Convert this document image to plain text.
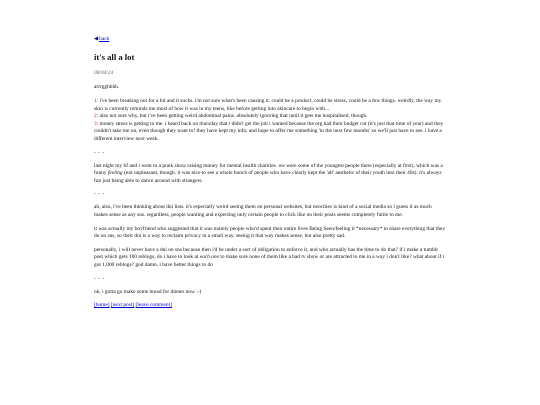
◀back
it's all a lot
08/04/24

arrrgghhhh.

1: i've been breaking out for a bit and it sucks. i'm not sure what's been causing it. could be a product, could be stress, could be a few things. weirdly, the way my skin is currently reminds me most of how it was in my teens, like before getting into skincare to begin with...
2: also not sure why, but i've been getting weird abdominal pains. absolutely ignoring that until it gets me hospitalised, though.
3: money stress is getting to me. i heard back on thursday that i didn't get the job i wanted because the org had their budget cut (it's just that time of year) and they couldn't take me on, even though they want to! they have kept my info, and hope to offer me something 'in the next few months' so we'll just have to see. i have a different interview next week.

- - -

last night my bf and i went to a punk show raising money for mental health charities. we were some of the youngest people there (especially at first), which was a funny feeling (not unpleasant, though. it was nice to see a whole bunch of people who have clearly kept the 'alt' aesthetic of their youth into their 40s). it's always fun just being able to dance around with strangers.

- - -

ah, also, i've been thinking about dni lists. it's especially weird seeing them on personal websites, but neocities is kind of a social media so i guess it as much makes sense as any sns. regardless, people wanting and expecting only certain people to click like on their posts seems completely futile to me.

it was actually my boyfriend who suggested that it was mainly people who'd spent their entire lives Being Seen/feeling it *necessary* to share everything that they do on sns, so their dni is a way to reclaim privacy in a small way. seeing it that way makes sense, but also pretty sad.

personally, i will never have a dni on sns because then i'd be under a sort of obligation to enforce it, and who actually has the time to do that? if i make a tumblr post which gets 100 reblogs, do i have to look at each one to make sure none of them like a bad tv show or are attracted to me in a way i don't like? what about if i got 1,000 reblogs? god damn. i have better things to do

- - -

ok, i gotta go make some bread for dinner now :-)

[home] [next post] [leave comment]
